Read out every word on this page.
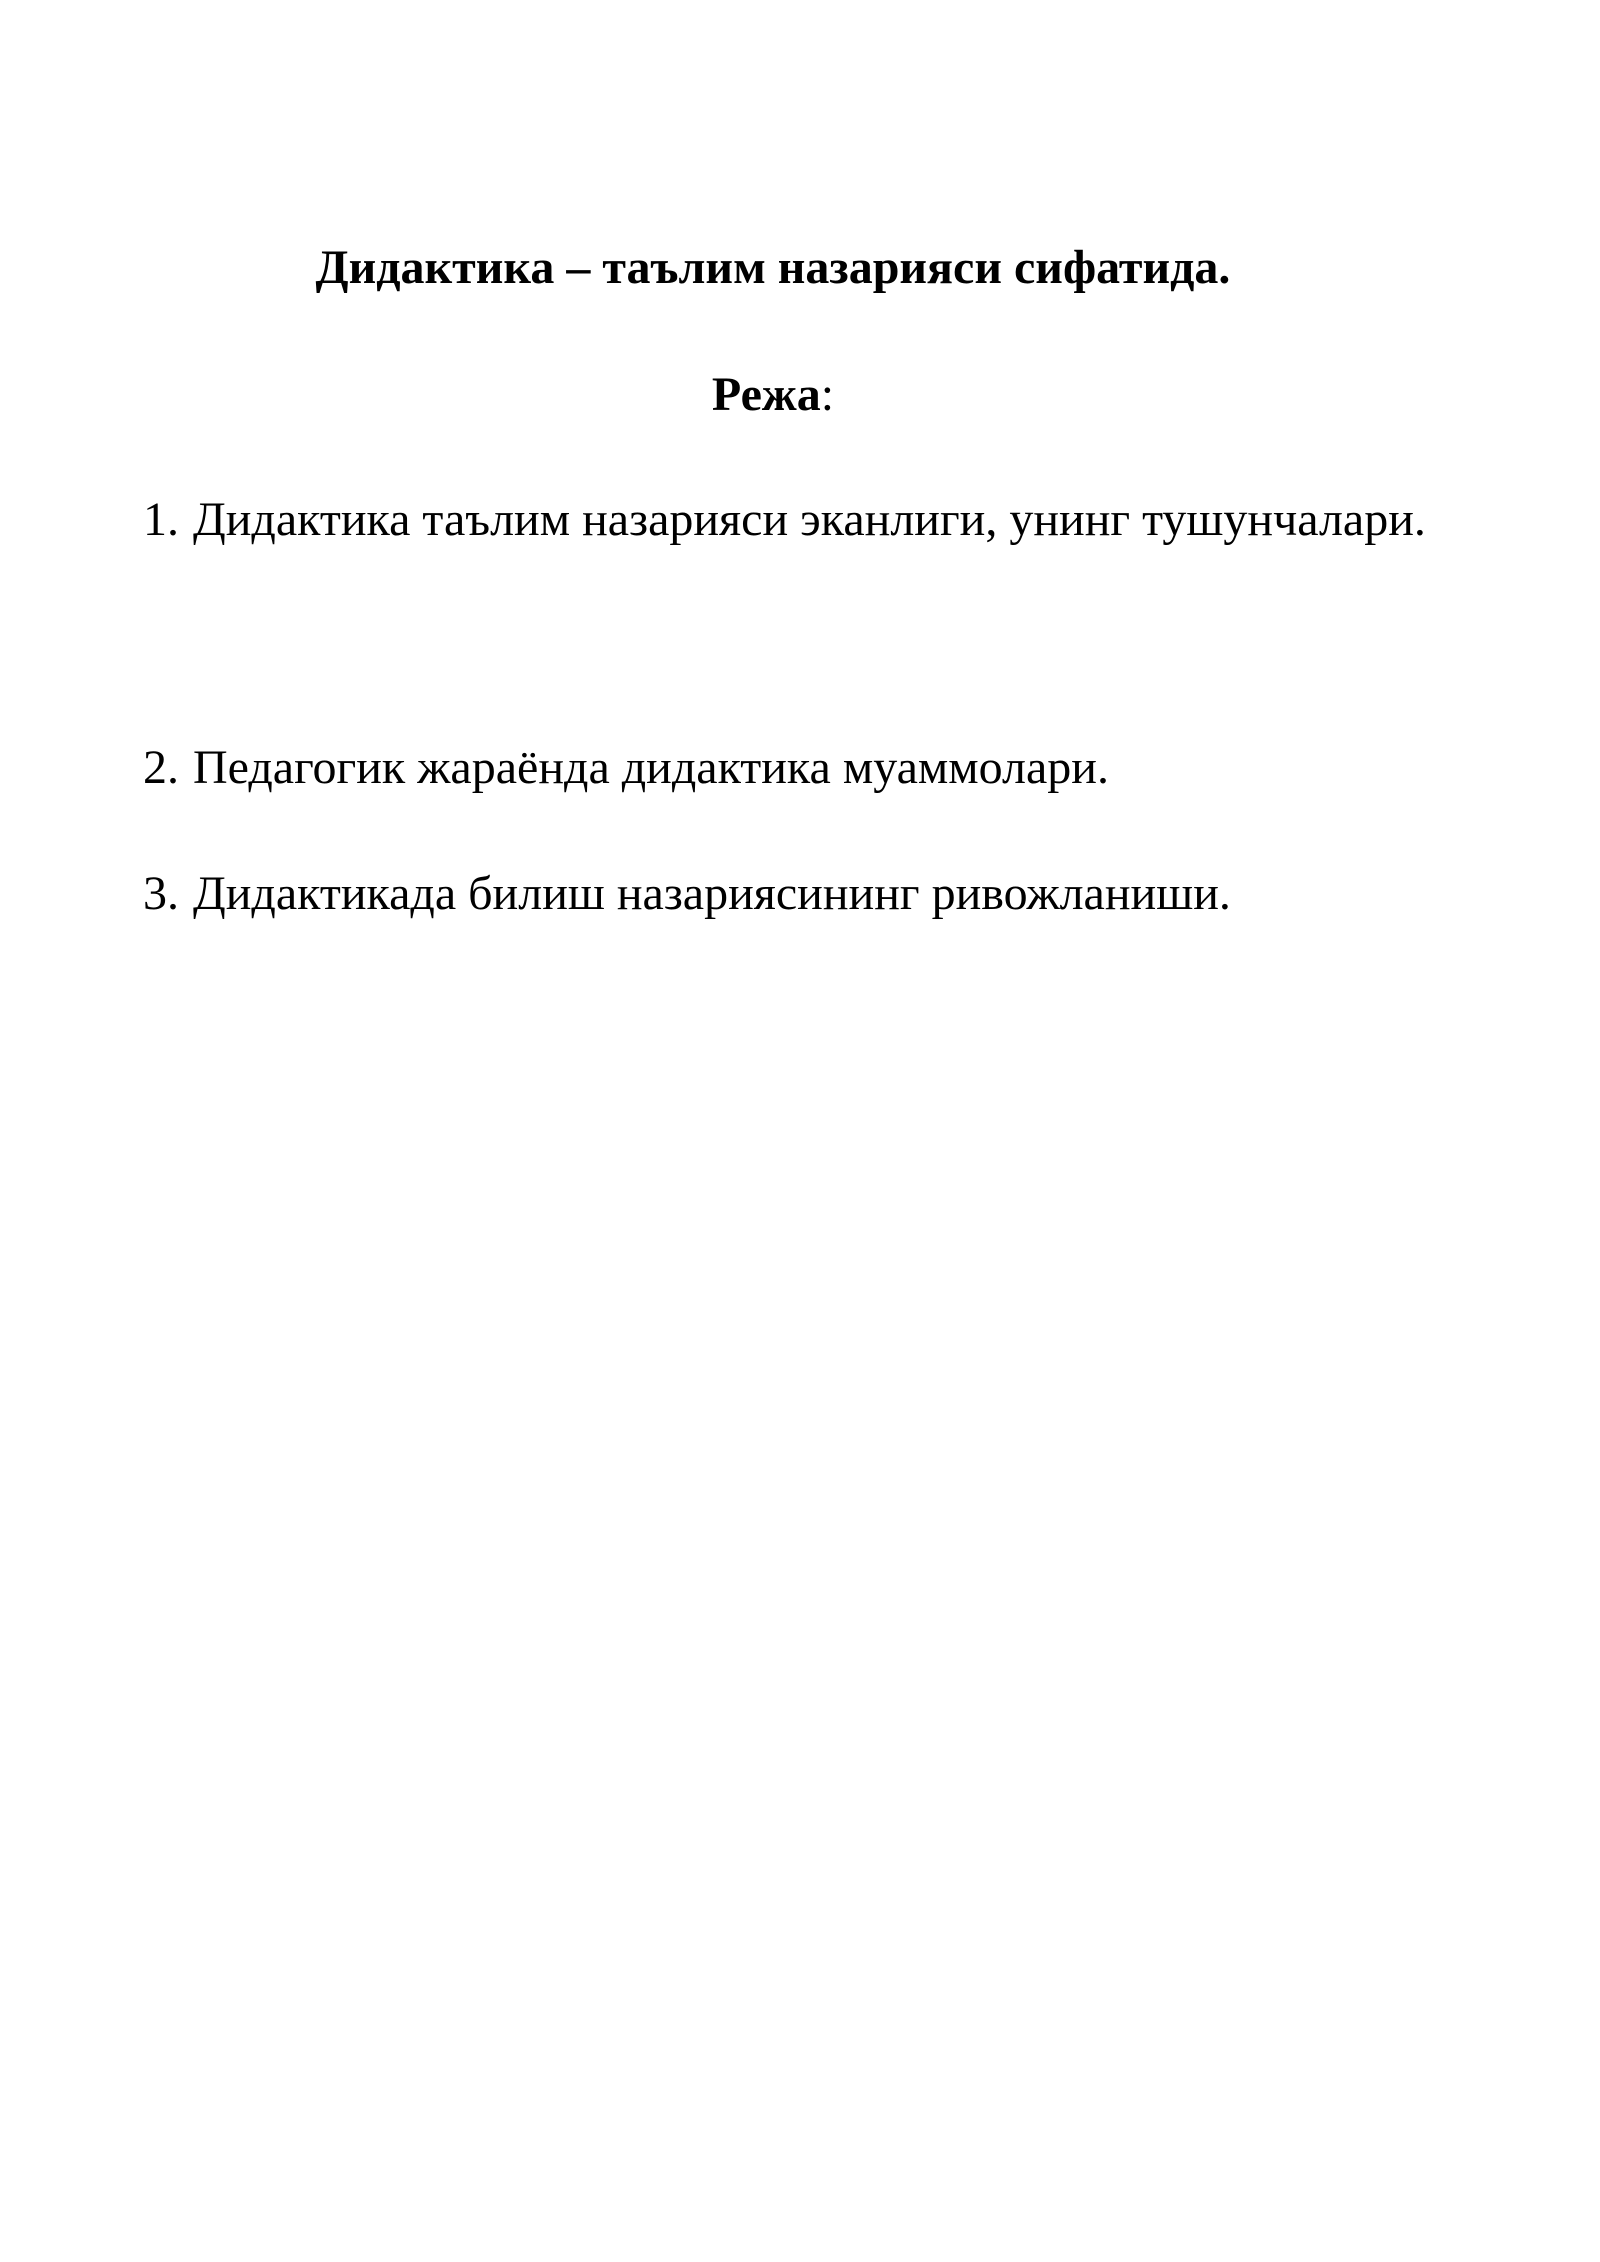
Дидактика – таълим назарияси сифатида.
Режа:
1. Дидактика таълим назарияси эканлиги, унинг тушунчалари.
2. Педагогик жараёнда дидактика муаммолари.
3. Дидактикада билиш назариясининг ривожланиши.
